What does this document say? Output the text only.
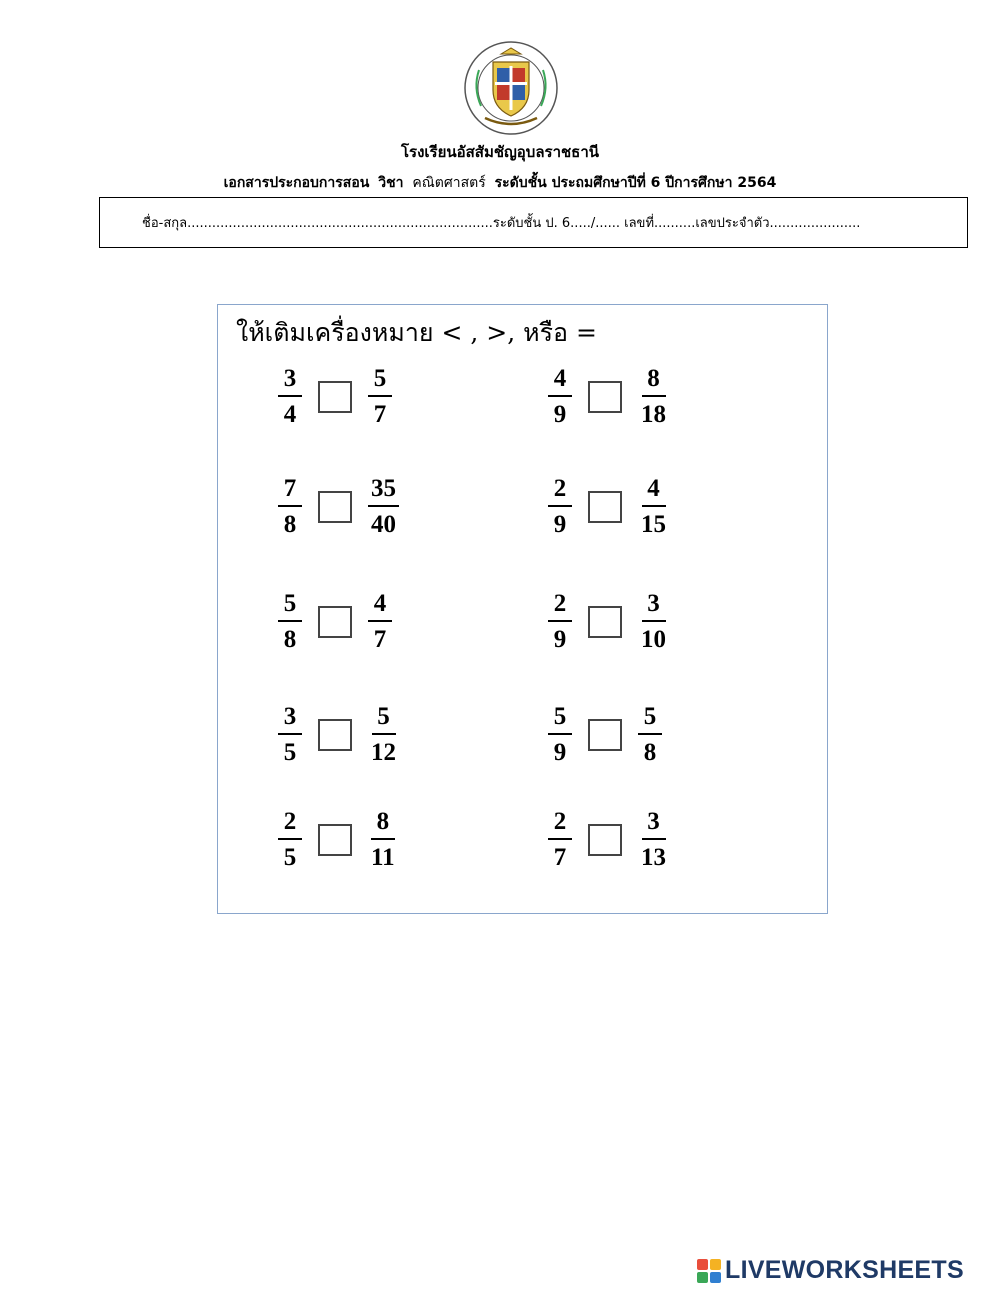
โรงเรียนอัสสัมชัญอุบลราชธานี
เอกสารประกอบการสอน วิชา คณิตศาสตร์ ระดับชั้น ประถมศึกษาปีที่ 6 ปีการศึกษา 2564
ชื่อ-สกุล..........................................................................ระดับชั้น ป. 6...../...... เลขที่..........เลขประจำตัว......................
ให้เติมเครื่องหมาย < , >, หรือ =
$\frac{3}{4}$	$\frac{5}{7}$	$\frac{4}{9}$	$\frac{8}{18}$
$\frac{7}{8}$	$\frac{35}{40}$	$\frac{2}{9}$	$\frac{4}{15}$
$\frac{5}{8}$	$\frac{4}{7}$	$\frac{2}{9}$	$\frac{3}{10}$
$\frac{3}{5}$	$\frac{5}{12}$	$\frac{5}{9}$	$\frac{5}{8}$
$\frac{2}{5}$	$\frac{8}{11}$	$\frac{2}{7}$	$\frac{3}{13}$
LIVEWORKSHEETS
